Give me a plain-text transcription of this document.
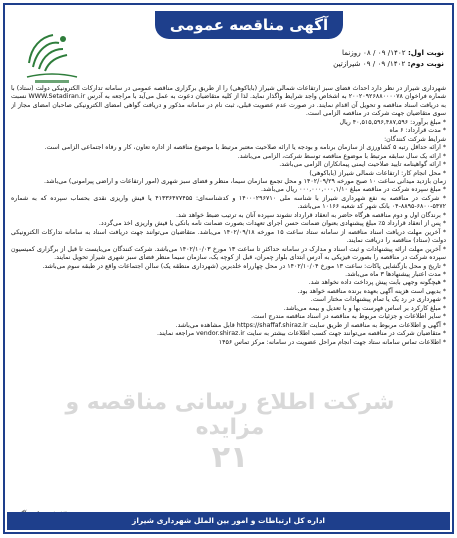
آگهی مناقصه عمومی ۱۴۰۲-۰۲۰-۱۴۰۲	نوبت اول: ۱۴۰۲/ ۰۹ / ۰۸ روزنما
نوبت دوم: ۱۴۰۲/ ۰۹ / ۰۹ شیرازتین

شهرداری شیراز در نظر دارد احداث فضای سبز ارتفاعات شمالی شیراز (باباکوهی) را از طریق برگزاری مناقصه عمومی در سامانه تدارکات الکترونیکی دولت (ستاد) با شماره فراخوان ۲۰۰۲۰۹۲۶۸۸۰۰۰۰۷۸ به اشخاص واجد شرایط واگذار نماید. لذا از کلیه متقاضیان دعوت به عمل می‌آید با مراجعه به آدرس WWW.Setadiran.ir نسبت به دریافت اسناد مناقصه و تحویل آن اقدام نمایند. در صورت عدم عضویت قبلی، ثبت نام در سامانه مذکور و دریافت گواهی امضای الکترونیکی صاحبان امضای مجاز از سوی متقاضیان جهت شرکت در مناقصه الزامی است.

* مبلغ برآورد: ۴۰,۵۱۵,۵۹۶,۴۸۷,۵۹۶ ریال

* مدت قرارداد: ۶ ماه

شرایط شرکت کنندگان:

* ارائه حداقل رتبه ۵ کشاورزی از سازمان برنامه و بودجه یا ارائه صلاحیت معتبر مرتبط با موضوع مناقصه از اداره تعاون، کار و رفاه اجتماعی الزامی است.

* ارائه یک سال سابقه مرتبط با موضوع مناقصه توسط شرکت، الزامی می‌باشد.

* ارائه گواهینامه تایید صلاحیت ایمنی پیمانکاران الزامی می‌باشد.

* محل انجام کار: ارتفاعات شمالی شیراز (باباکوهی)

زمان بازدید میدانی ساعت ۱۰ صبح مورخه ۱۴۰۲/۰۹/۲۹ و محل تجمع سازمان سیما، منظر و فضای سبز شهری (امور ارتفاعات و اراضی پیرامونی) می‌باشد.

* مبلغ سپرده شرکت در مناقصه مبلغ ۰۰۰,۰۰۰,۰۰۰,۱/۱۰ ریال می‌باشد.

* شرکت در مناقصه به نفع شهرداری شیراز با شناسه ملی ۱۴۰۰۰۲۹۶۷۱۰ و کدشناسه‌ای: ۴۱۳۳۶۴۷۷۴۵۵ یا فیش واریزی نقدی بحساب سپرده که به شماره ۵۴۷۲-۶۸۰۰-۸۸۹۵-۰۴ بانک شهر کد شعبه ۱۰۱۶۶ می‌باشد.

* برندگان اول و دوم مناقصه هرگاه حاضر به انعقاد قرارداد نشوند سپرده آنان به ترتیب ضبط خواهد شد.

* پس از انعقاد قرارداد ۵٪ مبلغ پیشنهادی بعنوان ضمانت حسن اجرای تعهدات بصورت ضمانت نامه بانکی یا فیش واریزی اخذ می‌گردد.

* آخرین مهلت دریافت اسناد مناقصه از سامانه ستاد ساعت ۱۵ مورخه ۱۴۰۲/۰۹/۱۸ می‌باشد. متقاضیان می‌توانند جهت دریافت اسناد به سامانه تدارکات الکترونیکی دولت (ستاد) مناقصه را دریافت نمایند.

* آخرین مهلت ارائه پیشنهادات و ثبت اسناد و مدارک در سامانه حداکثر تا ساعت ۱۳ مورخ ۱۴۰۲/۱۰/۰۳ می‌باشد. شرکت کنندگان می‌بایست تا قبل از برگزاری کمیسیون سپرده شرکت در مناقصه را بصورت فیزیکی به آدرس ابتدای بلوار چمران، قبل از کوچه یک، سازمان سیما منظر فضای سبز شهری شیراز تحویل نمایند.

* تاریخ و محل بازگشایی پاکات: ساعت ۱۳ مورخ ۱۴۰۲/۱۰/۰۴ در محل چهارراه خلدبرین (شهرداری منطقه یک) سالن اجتماعات واقع در طبقه سوم می‌باشد.

* مدت اعتبار پیشنهادها ۳ ماه می‌باشد.

* هیچگونه وجهی بابت پیش پرداخت داده نخواهد شد.

* بدیهی است هزینه آگهی بعهده برنده مناقصه خواهد بود.

* شهرداری در رد یک یا تمام پیشنهادات مختار است.

* مبلغ کارکرد بر اساس فهرست بها و با تعدیل و بیمه می‌باشد.

* سایر اطلاعات و جزئیات مربوط به مناقصه در اسناد مناقصه مندرج است.

* آگهی و اطلاعات مربوط به مناقصه از طریق سایت https://shaffaf.shiraz.ir قابل مشاهده می‌باشد.

* متقاضیان شرکت در مناقصه می‌توانند جهت کسب اطلاعات بیشتر به سایت vendor.shiraz.ir مراجعه نمایند.

* اطلاعات تماس سامانه ستاد جهت انجام مراحل عضویت در سامانه: مرکز تماس ۱۴۵۶

شرکت اطلاع رسانی مناقصه و مزایده
۲۱
اداره کل ارتباطات و امور بین الملل شهرداری شیراز
